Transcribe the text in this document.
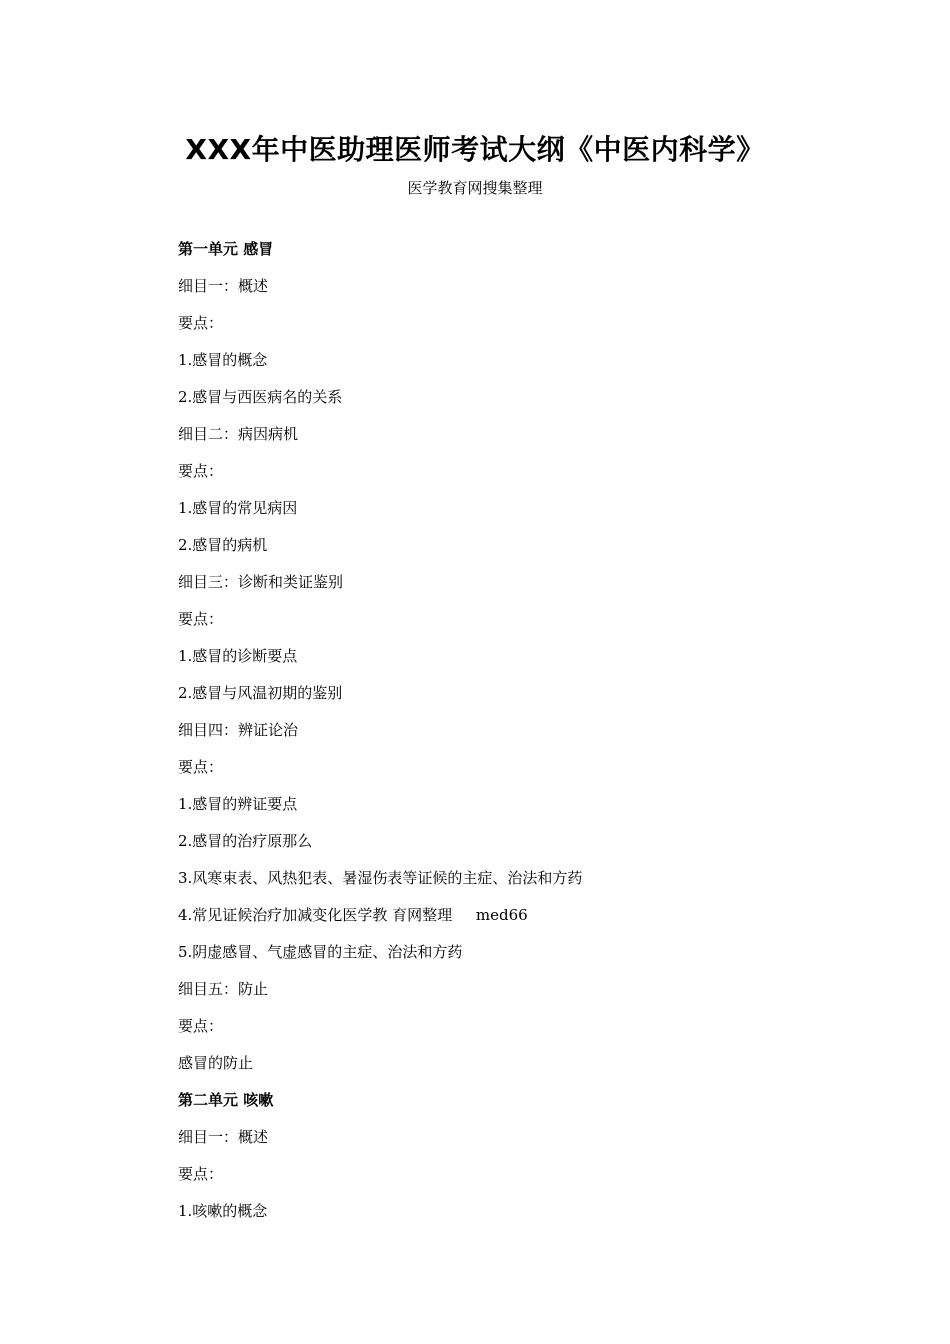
XXX年中医助理医师考试大纲《中医内科学》
医学教育网搜集整理
第一单元 感冒
细目一：概述
要点：
1.感冒的概念
2.感冒与西医病名的关系
细目二：病因病机
要点：
1.感冒的常见病因
2.感冒的病机
细目三：诊断和类证鉴别
要点：
1.感冒的诊断要点
2.感冒与风温初期的鉴别
细目四：辨证论治
要点：
1.感冒的辨证要点
2.感冒的治疗原那么
3.风寒束表、风热犯表、暑湿伤表等证候的主症、治法和方药
4.常见证候治疗加减变化医学教 育网整理     med66
5.阴虚感冒、气虚感冒的主症、治法和方药
细目五：防止
要点：
感冒的防止
第二单元 咳嗽
细目一：概述
要点：
1.咳嗽的概念
